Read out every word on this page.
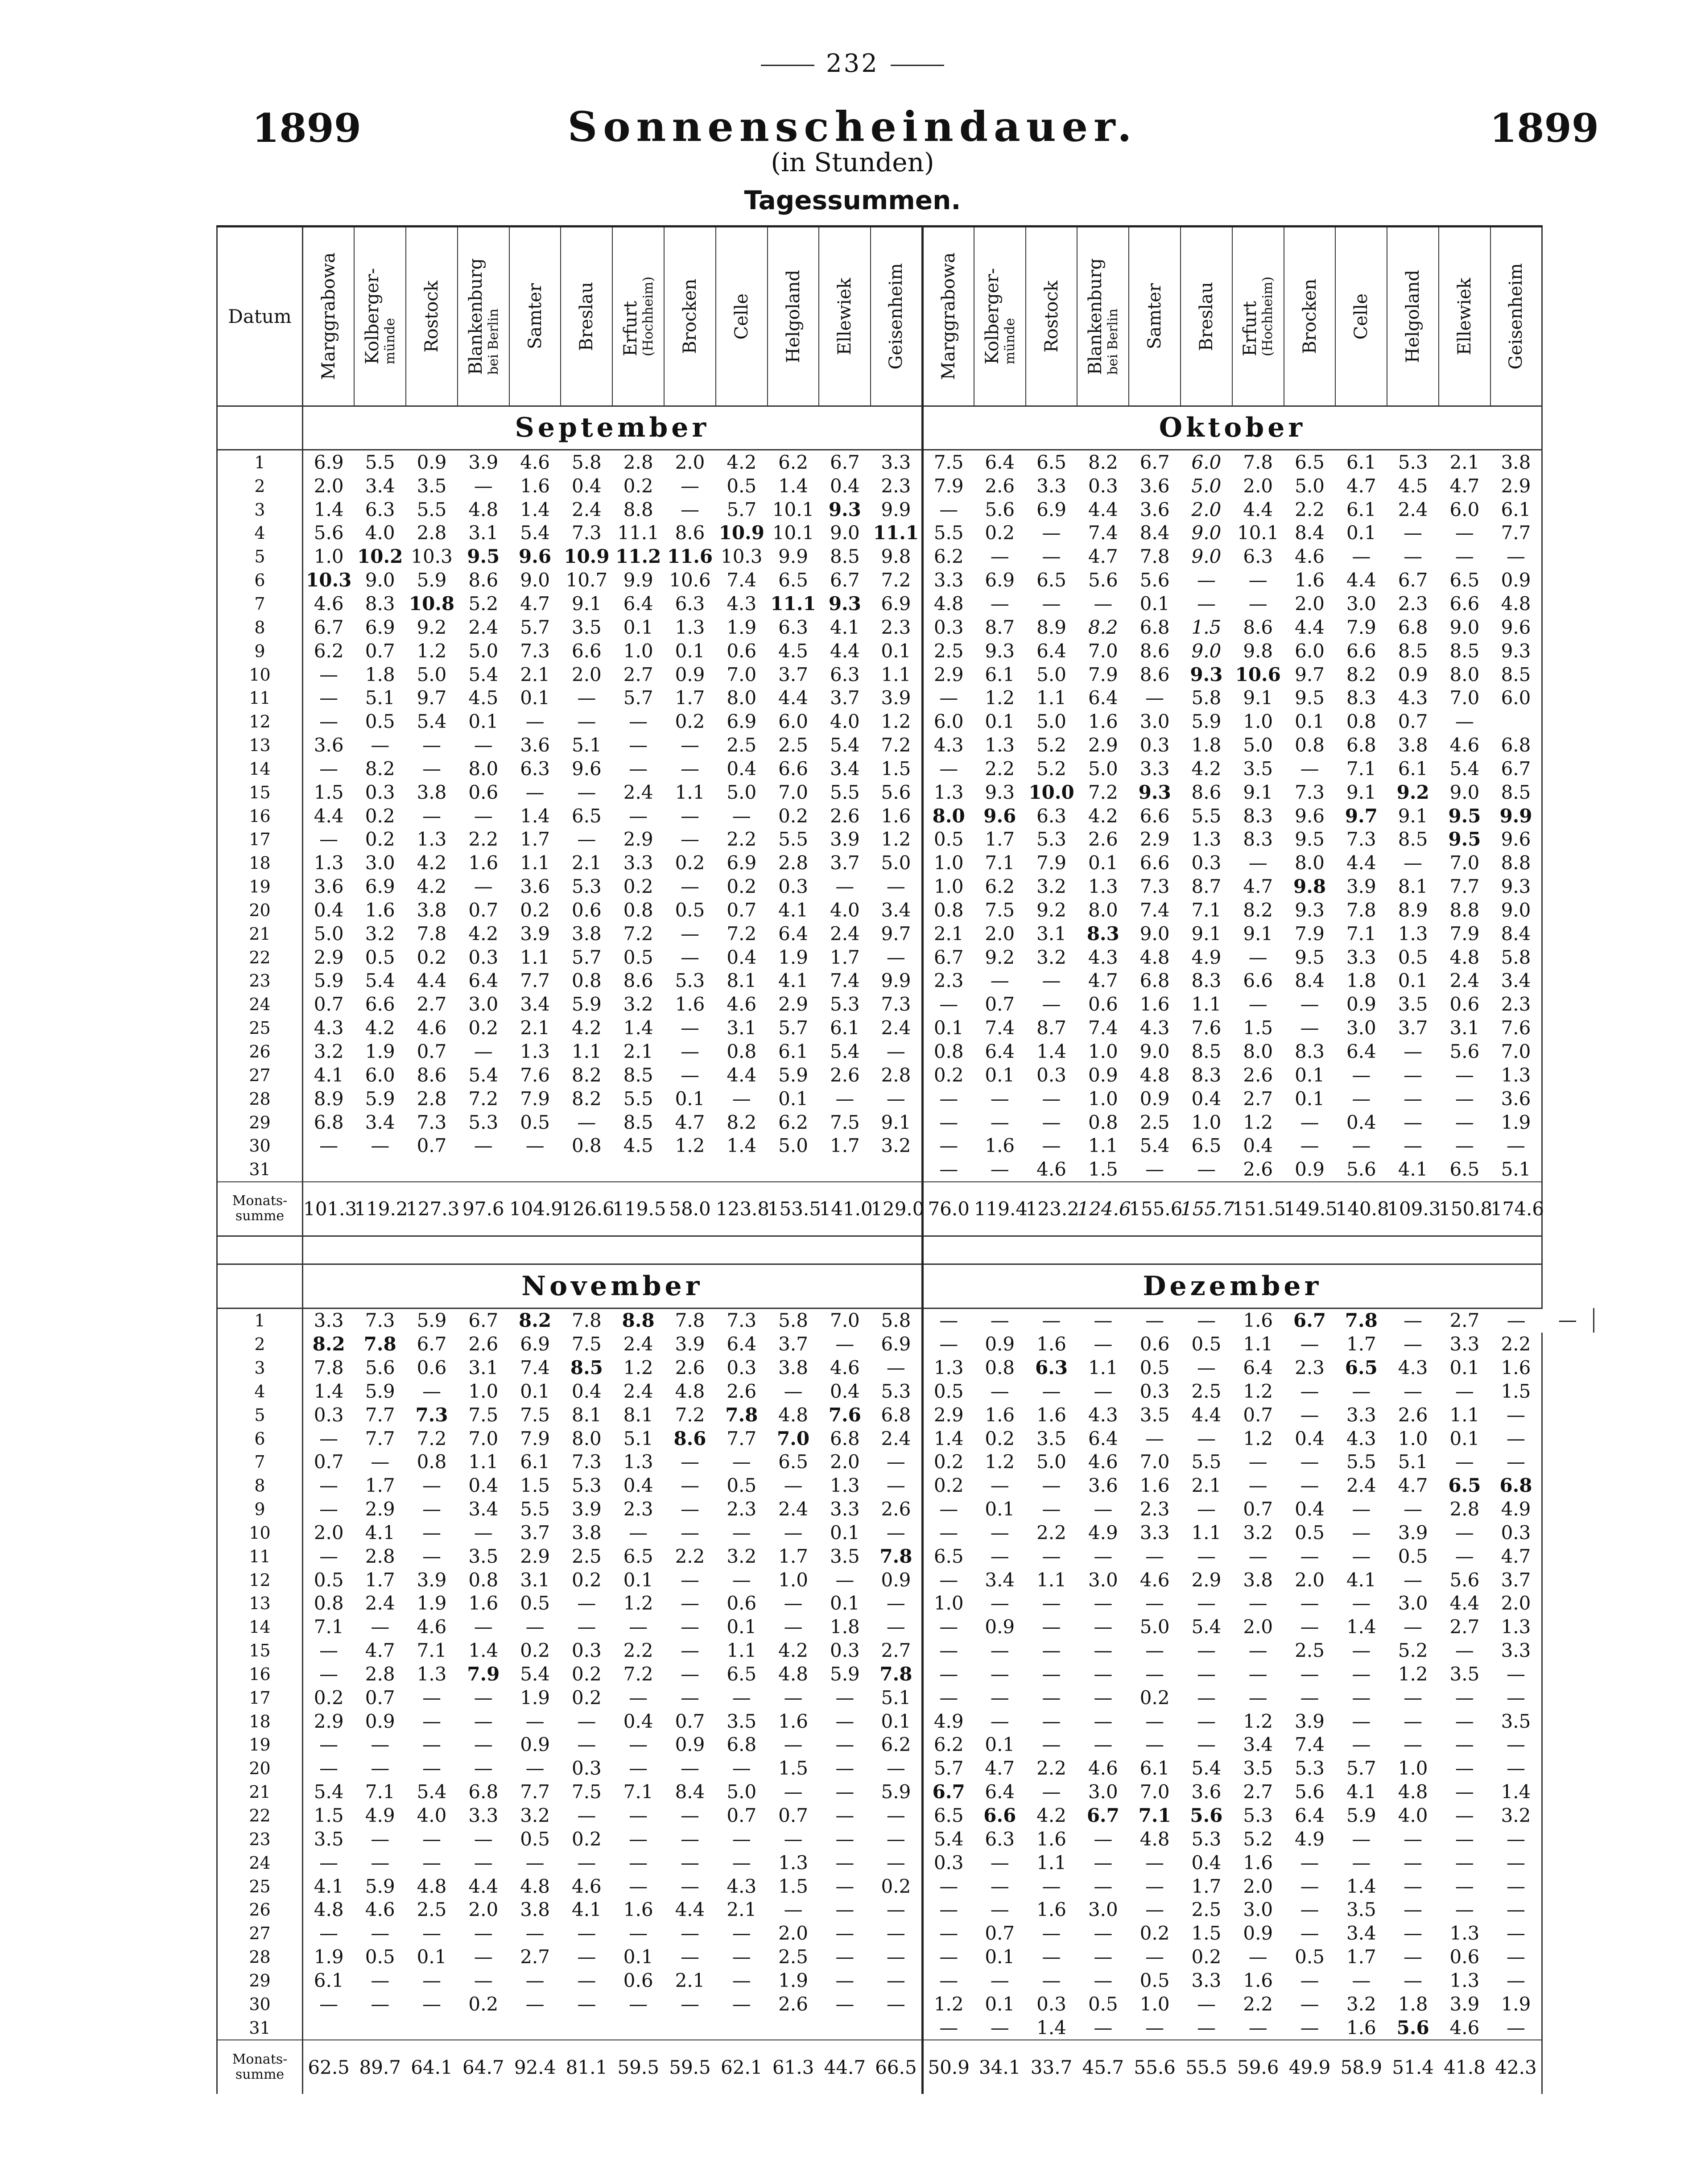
232
1899	Sonnenscheindauer.	1899
(in Stunden)
Tagessummen.
Datum	Marggrabowa	Kolberger- münde	Rostock	Blankenburg bei Berlin	Samter	Breslau	Erfurt (Hochheim)	Brocken	Celle	Helgoland	Ellewiek	Geisenheim	Marggrabowa	Kolberger- münde	Rostock	Blankenburg bei Berlin	Samter	Breslau	Erfurt (Hochheim)	Brocken	Celle	Helgoland	Ellewiek	Geisenheim	

	September												Oktober												
1	6.9	5.5	0.9	3.9	4.6	5.8	2.8	2.0	4.2	6.2	6.7	3.3	7.5	6.4	6.5	8.2	6.7	6.0	7.8	6.5	6.1	5.3	2.1	3.8	
2	2.0	3.4	3.5	—	1.6	0.4	0.2	—	0.5	1.4	0.4	2.3	7.9	2.6	3.3	0.3	3.6	5.0	2.0	5.0	4.7	4.5	4.7	2.9	
3	1.4	6.3	5.5	4.8	1.4	2.4	8.8	—	5.7	10.1	9.3	9.9	—	5.6	6.9	4.4	3.6	2.0	4.4	2.2	6.1	2.4	6.0	6.1	
4	5.6	4.0	2.8	3.1	5.4	7.3	11.1	8.6	10.9	10.1	9.0	11.1	5.5	0.2	—	7.4	8.4	9.0	10.1	8.4	0.1	—	—	7.7	
5	1.0	10.2	10.3	9.5	9.6	10.9	11.2	11.6	10.3	9.9	8.5	9.8	6.2	—	—	4.7	7.8	9.0	6.3	4.6	—	—	—	—	
6	10.3	9.0	5.9	8.6	9.0	10.7	9.9	10.6	7.4	6.5	6.7	7.2	3.3	6.9	6.5	5.6	5.6	—	—	1.6	4.4	6.7	6.5	0.9	
7	4.6	8.3	10.8	5.2	4.7	9.1	6.4	6.3	4.3	11.1	9.3	6.9	4.8	—	—	—	0.1	—	—	2.0	3.0	2.3	6.6	4.8	
8	6.7	6.9	9.2	2.4	5.7	3.5	0.1	1.3	1.9	6.3	4.1	2.3	0.3	8.7	8.9	8.2	6.8	1.5	8.6	4.4	7.9	6.8	9.0	9.6	
9	6.2	0.7	1.2	5.0	7.3	6.6	1.0	0.1	0.6	4.5	4.4	0.1	2.5	9.3	6.4	7.0	8.6	9.0	9.8	6.0	6.6	8.5	8.5	9.3	
10	—	1.8	5.0	5.4	2.1	2.0	2.7	0.9	7.0	3.7	6.3	1.1	2.9	6.1	5.0	7.9	8.6	9.3	10.6	9.7	8.2	0.9	8.0	8.5	
11	—	5.1	9.7	4.5	0.1	—	5.7	1.7	8.0	4.4	3.7	3.9	—	1.2	1.1	6.4	—	5.8	9.1	9.5	8.3	4.3	7.0	6.0	
12	—	0.5	5.4	0.1	—	—	—	0.2	6.9	6.0	4.0	1.2	6.0	0.1	5.0	1.6	3.0	5.9	1.0	0.1	0.8	0.7	—		
13	3.6	—	—	—	3.6	5.1	—	—	2.5	2.5	5.4	7.2	4.3	1.3	5.2	2.9	0.3	1.8	5.0	0.8	6.8	3.8	4.6	6.8	
14	—	8.2	—	8.0	6.3	9.6	—	—	0.4	6.6	3.4	1.5	—	2.2	5.2	5.0	3.3	4.2	3.5	—	7.1	6.1	5.4	6.7	
15	1.5	0.3	3.8	0.6	—	—	2.4	1.1	5.0	7.0	5.5	5.6	1.3	9.3	10.0	7.2	9.3	8.6	9.1	7.3	9.1	9.2	9.0	8.5	
16	4.4	0.2	—	—	1.4	6.5	—	—	—	0.2	2.6	1.6	8.0	9.6	6.3	4.2	6.6	5.5	8.3	9.6	9.7	9.1	9.5	9.9	
17	—	0.2	1.3	2.2	1.7	—	2.9	—	2.2	5.5	3.9	1.2	0.5	1.7	5.3	2.6	2.9	1.3	8.3	9.5	7.3	8.5	9.5	9.6	
18	1.3	3.0	4.2	1.6	1.1	2.1	3.3	0.2	6.9	2.8	3.7	5.0	1.0	7.1	7.9	0.1	6.6	0.3	—	8.0	4.4	—	7.0	8.8	
19	3.6	6.9	4.2	—	3.6	5.3	0.2	—	0.2	0.3	—	—	1.0	6.2	3.2	1.3	7.3	8.7	4.7	9.8	3.9	8.1	7.7	9.3	
20	0.4	1.6	3.8	0.7	0.2	0.6	0.8	0.5	0.7	4.1	4.0	3.4	0.8	7.5	9.2	8.0	7.4	7.1	8.2	9.3	7.8	8.9	8.8	9.0	
21	5.0	3.2	7.8	4.2	3.9	3.8	7.2	—	7.2	6.4	2.4	9.7	2.1	2.0	3.1	8.3	9.0	9.1	9.1	7.9	7.1	1.3	7.9	8.4	
22	2.9	0.5	0.2	0.3	1.1	5.7	0.5	—	0.4	1.9	1.7	—	6.7	9.2	3.2	4.3	4.8	4.9	—	9.5	3.3	0.5	4.8	5.8	
23	5.9	5.4	4.4	6.4	7.7	0.8	8.6	5.3	8.1	4.1	7.4	9.9	2.3	—	—	4.7	6.8	8.3	6.6	8.4	1.8	0.1	2.4	3.4	
24	0.7	6.6	2.7	3.0	3.4	5.9	3.2	1.6	4.6	2.9	5.3	7.3	—	0.7	—	0.6	1.6	1.1	—	—	0.9	3.5	0.6	2.3	
25	4.3	4.2	4.6	0.2	2.1	4.2	1.4	—	3.1	5.7	6.1	2.4	0.1	7.4	8.7	7.4	4.3	7.6	1.5	—	3.0	3.7	3.1	7.6	
26	3.2	1.9	0.7	—	1.3	1.1	2.1	—	0.8	6.1	5.4	—	0.8	6.4	1.4	1.0	9.0	8.5	8.0	8.3	6.4	—	5.6	7.0	
27	4.1	6.0	8.6	5.4	7.6	8.2	8.5	—	4.4	5.9	2.6	2.8	0.2	0.1	0.3	0.9	4.8	8.3	2.6	0.1	—	—	—	1.3	
28	8.9	5.9	2.8	7.2	7.9	8.2	5.5	0.1	—	0.1	—	—	—	—	—	1.0	0.9	0.4	2.7	0.1	—	—	—	3.6	
29	6.8	3.4	7.3	5.3	0.5	—	8.5	4.7	8.2	6.2	7.5	9.1	—	—	—	0.8	2.5	1.0	1.2	—	0.4	—	—	1.9	
30	—	—	0.7	—	—	0.8	4.5	1.2	1.4	5.0	1.7	3.2	—	1.6	—	1.1	5.4	6.5	0.4	—	—	—	—	—	
31													—	—	4.6	1.5	—	—	2.6	0.9	5.6	4.1	6.5	5.1	
Monats- summe	101.3	119.2	127.3	97.6	104.9	126.6	119.5	58.0	123.8	153.5	141.0	129.0	76.0	119.4	123.2	124.6	155.6	155.7	151.5	149.5	140.8	109.3	150.8	174.6	

	November												Dezember												
1	3.3	7.3	5.9	6.7	8.2	7.8	8.8	7.8	7.3	5.8	7.0	5.8	—	—	—	—	—	—	1.6	6.7	7.8	—	2.7	—	—
2	8.2	7.8	6.7	2.6	6.9	7.5	2.4	3.9	6.4	3.7	—	6.9	—	0.9	1.6	—	0.6	0.5	1.1	—	1.7	—	3.3	2.2	
3	7.8	5.6	0.6	3.1	7.4	8.5	1.2	2.6	0.3	3.8	4.6	—	1.3	0.8	6.3	1.1	0.5	—	6.4	2.3	6.5	4.3	0.1	1.6	
4	1.4	5.9	—	1.0	0.1	0.4	2.4	4.8	2.6	—	0.4	5.3	0.5	—	—	—	0.3	2.5	1.2	—	—	—	—	1.5	
5	0.3	7.7	7.3	7.5	7.5	8.1	8.1	7.2	7.8	4.8	7.6	6.8	2.9	1.6	1.6	4.3	3.5	4.4	0.7	—	3.3	2.6	1.1	—	
6	—	7.7	7.2	7.0	7.9	8.0	5.1	8.6	7.7	7.0	6.8	2.4	1.4	0.2	3.5	6.4	—	—	1.2	0.4	4.3	1.0	0.1	—	
7	0.7	—	0.8	1.1	6.1	7.3	1.3	—	—	6.5	2.0	—	0.2	1.2	5.0	4.6	7.0	5.5	—	—	5.5	5.1	—	—	
8	—	1.7	—	0.4	1.5	5.3	0.4	—	0.5	—	1.3	—	0.2	—	—	3.6	1.6	2.1	—	—	2.4	4.7	6.5	6.8	
9	—	2.9	—	3.4	5.5	3.9	2.3	—	2.3	2.4	3.3	2.6	—	0.1	—	—	2.3	—	0.7	0.4	—	—	2.8	4.9	
10	2.0	4.1	—	—	3.7	3.8	—	—	—	—	0.1	—	—	—	2.2	4.9	3.3	1.1	3.2	0.5	—	3.9	—	0.3	
11	—	2.8	—	3.5	2.9	2.5	6.5	2.2	3.2	1.7	3.5	7.8	6.5	—	—	—	—	—	—	—	—	0.5	—	4.7	
12	0.5	1.7	3.9	0.8	3.1	0.2	0.1	—	—	1.0	—	0.9	—	3.4	1.1	3.0	4.6	2.9	3.8	2.0	4.1	—	5.6	3.7	
13	0.8	2.4	1.9	1.6	0.5	—	1.2	—	0.6	—	0.1	—	1.0	—	—	—	—	—	—	—	—	3.0	4.4	2.0	
14	7.1	—	4.6	—	—	—	—	—	0.1	—	1.8	—	—	0.9	—	—	5.0	5.4	2.0	—	1.4	—	2.7	1.3	
15	—	4.7	7.1	1.4	0.2	0.3	2.2	—	1.1	4.2	0.3	2.7	—	—	—	—	—	—	—	2.5	—	5.2	—	3.3	
16	—	2.8	1.3	7.9	5.4	0.2	7.2	—	6.5	4.8	5.9	7.8	—	—	—	—	—	—	—	—	—	1.2	3.5	—	
17	0.2	0.7	—	—	1.9	0.2	—	—	—	—	—	5.1	—	—	—	—	0.2	—	—	—	—	—	—	—	
18	2.9	0.9	—	—	—	—	0.4	0.7	3.5	1.6	—	0.1	4.9	—	—	—	—	—	1.2	3.9	—	—	—	3.5	
19	—	—	—	—	0.9	—	—	0.9	6.8	—	—	6.2	6.2	0.1	—	—	—	—	3.4	7.4	—	—	—	—	
20	—	—	—	—	—	0.3	—	—	—	1.5	—	—	5.7	4.7	2.2	4.6	6.1	5.4	3.5	5.3	5.7	1.0	—	—	
21	5.4	7.1	5.4	6.8	7.7	7.5	7.1	8.4	5.0	—	—	5.9	6.7	6.4	—	3.0	7.0	3.6	2.7	5.6	4.1	4.8	—	1.4	
22	1.5	4.9	4.0	3.3	3.2	—	—	—	0.7	0.7	—	—	6.5	6.6	4.2	6.7	7.1	5.6	5.3	6.4	5.9	4.0	—	3.2	
23	3.5	—	—	—	0.5	0.2	—	—	—	—	—	—	5.4	6.3	1.6	—	4.8	5.3	5.2	4.9	—	—	—	—	
24	—	—	—	—	—	—	—	—	—	1.3	—	—	0.3	—	1.1	—	—	0.4	1.6	—	—	—	—	—	
25	4.1	5.9	4.8	4.4	4.8	4.6	—	—	4.3	1.5	—	0.2	—	—	—	—	—	1.7	2.0	—	1.4	—	—	—	
26	4.8	4.6	2.5	2.0	3.8	4.1	1.6	4.4	2.1	—	—	—	—	—	1.6	3.0	—	2.5	3.0	—	3.5	—	—	—	
27	—	—	—	—	—	—	—	—	—	2.0	—	—	—	0.7	—	—	0.2	1.5	0.9	—	3.4	—	1.3	—	
28	1.9	0.5	0.1	—	2.7	—	0.1	—	—	2.5	—	—	—	0.1	—	—	—	0.2	—	0.5	1.7	—	0.6	—	
29	6.1	—	—	—	—	—	0.6	2.1	—	1.9	—	—	—	—	—	—	0.5	3.3	1.6	—	—	—	1.3	—	
30	—	—	—	0.2	—	—	—	—	—	2.6	—	—	1.2	0.1	0.3	0.5	1.0	—	2.2	—	3.2	1.8	3.9	1.9	
31													—	—	1.4	—	—	—	—	—	1.6	5.6	4.6	—	
Monats- summe	62.5	89.7	64.1	64.7	92.4	81.1	59.5	59.5	62.1	61.3	44.7	66.5	50.9	34.1	33.7	45.7	55.6	55.5	59.6	49.9	58.9	51.4	41.8	42.3	
